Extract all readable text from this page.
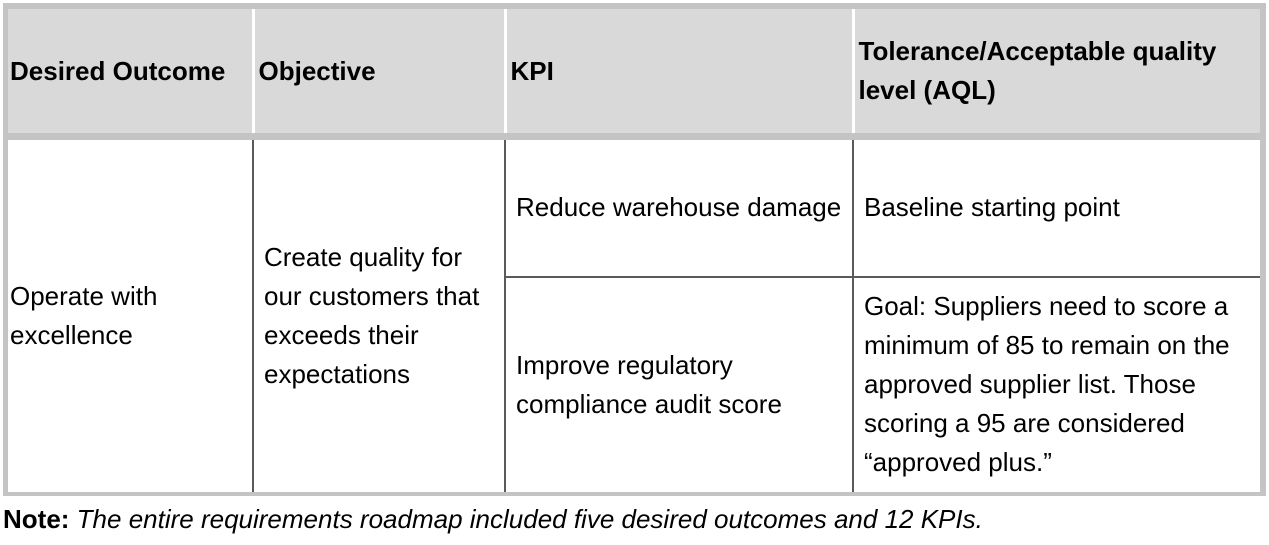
Desired Outcome	Objective	KPI	Tolerance/Acceptable quality level (AQL)
Operate with excellence	Create quality for our customers that exceeds their expectations	Reduce warehouse damage	Baseline starting point
		Improve regulatory compliance audit score	Goal: Suppliers need to score a minimum of 85 to remain on the approved supplier list. Those scoring a 95 are considered “approved plus.”
Note: The entire requirements roadmap included five desired outcomes and 12 KPIs.
